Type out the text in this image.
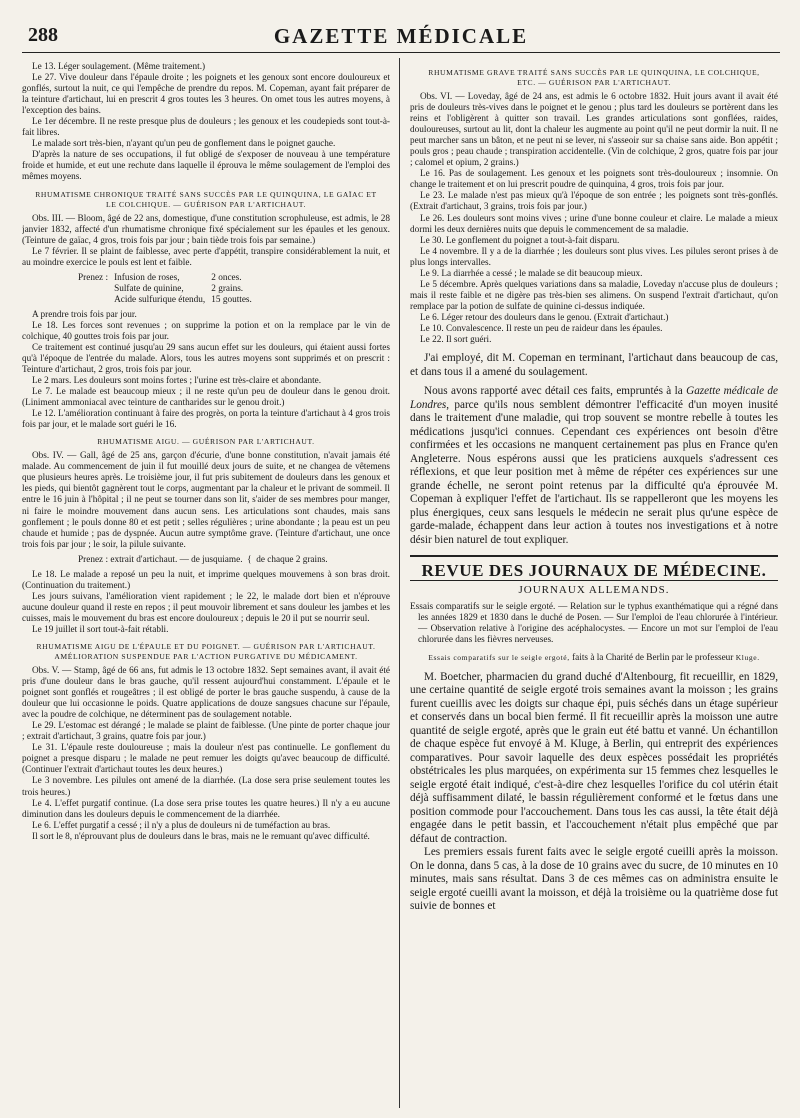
288	GAZETTE MÉDICALE

Le 13. Léger soulagement. (Même traitement.)

Le 27. Vive douleur dans l'épaule droite ; les poignets et les genoux sont encore douloureux et gonflés, surtout la nuit, ce qui l'empêche de prendre du repos. M. Copeman, ayant fait préparer de la teinture d'artichaut, lui en prescrit 4 gros toutes les 3 heures. On omet tous les autres moyens, à l'exception des bains.

Le 1er décembre. Il ne reste presque plus de douleurs ; les genoux et les coudepieds sont tout-à-fait libres.

Le malade sort très-bien, n'ayant qu'un peu de gonflement dans le poignet gauche.

D'après la nature de ses occupations, il fut obligé de s'exposer de nouveau à une température froide et humide, et eut une rechute dans laquelle il éprouva le même soulagement de l'emploi des mêmes moyens.

RHUMATISME CHRONIQUE TRAITÉ SANS SUCCÈS PAR LE QUINQUINA, LE GAÏAC ET LE COLCHIQUE. — GUÉRISON PAR L'ARTICHAUT.

Obs. III. — Bloom, âgé de 22 ans, domestique, d'une constitution scrophuleuse, est admis, le 28 janvier 1832, affecté d'un rhumatisme chronique fixé spécialement sur les épaules et les genoux. (Teinture de gaïac, 4 gros, trois fois par jour ; bain tiède trois fois par semaine.)

Le 7 février. Il se plaint de faiblesse, avec perte d'appétit, transpire considérablement la nuit, et au moindre exercice le pouls est lent et faible.

Prenez :	Infusion de roses,	2 onces.
	Sulfate de quinine,	2 grains.
	Acide sulfurique étendu,	15 gouttes.

A prendre trois fois par jour.

Le 18. Les forces sont revenues ; on supprime la potion et on la remplace par le vin de colchique, 40 gouttes trois fois par jour.

Ce traitement est continué jusqu'au 29 sans aucun effet sur les douleurs, qui étaient aussi fortes qu'à l'époque de l'entrée du malade. Alors, tous les autres moyens sont supprimés et on prescrit : Teinture d'artichaut, 2 gros, trois fois par jour.

Le 2 mars. Les douleurs sont moins fortes ; l'urine est très-claire et abondante.

Le 7. Le malade est beaucoup mieux ; il ne reste qu'un peu de douleur dans le genou droit. (Liniment ammoniacal avec teinture de cantharides sur le genou droit.)

Le 12. L'amélioration continuant à faire des progrès, on porta la teinture d'artichaut à 4 gros trois fois par jour, et le malade sort guéri le 16.

RHUMATISME AIGU. — GUÉRISON PAR L'ARTICHAUT.

Obs. IV. — Gall, âgé de 25 ans, garçon d'écurie, d'une bonne constitution, n'avait jamais été malade. Au commencement de juin il fut mouillé deux jours de suite, et ne changea de vêtemens que plusieurs heures après. Le troisième jour, il fut pris subitement de douleurs dans les genoux et les pieds, qui bientôt gagnèrent tout le corps, augmentant par la chaleur et le privant de sommeil. Il entre le 16 juin à l'hôpital ; il ne peut se tourner dans son lit, s'aider de ses membres pour manger, ni faire le moindre mouvement dans aucun sens. Les articulations sont chaudes, mais sans gonflement ; le pouls donne 80 et est petit ; selles régulières ; urine abondante ; la peau est un peu chaude et humide ; pas de dyspnée. Aucun autre symptôme grave. (Teinture d'artichaut, une once trois fois par jour ; le soir, la pilule suivante.

Prenez : extrait d'artichaut. — de jusquiame.  {  de chaque 2 grains.

Le 18. Le malade a reposé un peu la nuit, et imprime quelques mouvemens à son bras droit. (Continuation du traitement.)

Les jours suivans, l'amélioration vient rapidement ; le 22, le malade dort bien et n'éprouve aucune douleur quand il reste en repos ; il peut mouvoir librement et sans douleur les jambes et les cuisses, mais le mouvement du bras est encore douloureux ; depuis le 20 il put se nourrir seul.

Le 19 juillet il sort tout-à-fait rétabli.

RHUMATISME AIGU DE L'ÉPAULE ET DU POIGNET. — GUÉRISON PAR L'ARTICHAUT. AMÉLIORATION SUSPENDUE PAR L'ACTION PURGATIVE DU MÉDICAMENT.

Obs. V. — Stamp, âgé de 66 ans, fut admis le 13 octobre 1832. Sept semaines avant, il avait été pris d'une douleur dans le bras gauche, qu'il ressent aujourd'hui constamment. L'épaule et le poignet sont gonflés et rougeâtres ; il est obligé de porter le bras gauche suspendu, à cause de la douleur que lui occasionne le poids. Quatre applications de douze sangsues chacune sur l'épaule, avec la poudre de colchique, ne déterminent pas de soulagement notable.

Le 29. L'estomac est dérangé ; le malade se plaint de faiblesse. (Une pinte de porter chaque jour ; extrait d'artichaut, 3 grains, quatre fois par jour.)

Le 31. L'épaule reste douloureuse ; mais la douleur n'est pas continuelle. Le gonflement du poignet a presque disparu ; le malade ne peut remuer les doigts qu'avec beaucoup de difficulté. (Continuer l'extrait d'artichaut toutes les deux heures.)

Le 3 novembre. Les pilules ont amené de la diarrhée. (La dose sera prise seulement toutes les trois heures.)

Le 4. L'effet purgatif continue. (La dose sera prise toutes les quatre heures.) Il n'y a eu aucune diminution dans les douleurs depuis le commencement de la diarrhée.

Le 6. L'effet purgatif a cessé ; il n'y a plus de douleurs ni de tuméfaction au bras.

Il sort le 8, n'éprouvant plus de douleurs dans le bras, mais ne le remuant qu'avec difficulté.

RHUMATISME GRAVE TRAITÉ SANS SUCCÈS PAR LE QUINQUINA, LE COLCHIQUE, ETC. — GUÉRISON PAR L'ARTICHAUT.

Obs. VI. — Loveday, âgé de 24 ans, est admis le 6 octobre 1832. Huit jours avant il avait été pris de douleurs très-vives dans le poignet et le genou ; plus tard les douleurs se portèrent dans les reins et l'obligèrent à quitter son travail. Les grandes articulations sont gonflées, raides, douloureuses, surtout au lit, dont la chaleur les augmente au point qu'il ne peut dormir la nuit. Il ne peut marcher sans un bâton, et ne peut ni se lever, ni s'asseoir sur sa chaise sans aide. Bon appétit ; pouls gros ; peau chaude ; transpiration accidentelle. (Vin de colchique, 2 gros, quatre fois par jour ; calomel et opium, 2 grains.)

Le 16. Pas de soulagement. Les genoux et les poignets sont très-douloureux ; insomnie. On change le traitement et on lui prescrit poudre de quinquina, 4 gros, trois fois par jour.

Le 23. Le malade n'est pas mieux qu'à l'époque de son entrée ; les poignets sont très-gonflés. (Extrait d'artichaut, 3 grains, trois fois par jour.)

Le 26. Les douleurs sont moins vives ; urine d'une bonne couleur et claire. Le malade a mieux dormi les deux dernières nuits que depuis le commencement de sa maladie.

Le 30. Le gonflement du poignet a tout-à-fait disparu.

Le 4 novembre. Il y a de la diarrhée ; les douleurs sont plus vives. Les pilules seront prises à de plus longs intervalles.

Le 9. La diarrhée a cessé ; le malade se dit beaucoup mieux.

Le 5 décembre. Après quelques variations dans sa maladie, Loveday n'accuse plus de douleurs ; mais il reste faible et ne digère pas très-bien ses alimens. On suspend l'extrait d'artichaut, qu'on remplace par la potion de sulfate de quinine ci-dessus indiquée.

Le 6. Léger retour des douleurs dans le genou. (Extrait d'artichaut.)

Le 10. Convalescence. Il reste un peu de raideur dans les épaules.

Le 22. Il sort guéri.

J'ai employé, dit M. Copeman en terminant, l'artichaut dans beaucoup de cas, et dans tous il a amené du soulagement.

Nous avons rapporté avec détail ces faits, empruntés à la Gazette médicale de Londres, parce qu'ils nous semblent démontrer l'efficacité d'un moyen inusité dans le traitement d'une maladie, qui trop souvent se montre rebelle à toutes les médications jusqu'ici connues. Cependant ces expériences ont besoin d'être confirmées et les occasions ne manquent certainement pas plus en France qu'en Angleterre. Nous espérons aussi que les praticiens auxquels s'adressent ces réflexions, et que leur position met à même de répéter ces expériences sur une grande échelle, ne seront point retenus par la difficulté qu'a éprouvée M. Copeman à expliquer l'effet de l'artichaut. Ils se rappelleront que les moyens les plus énergiques, ceux sans lesquels le médecin ne serait plus qu'une espèce de garde-malade, échappent dans leur action à toutes nos investigations et à notre désir bien naturel de tout expliquer.

REVUE DES JOURNAUX DE MÉDECINE.
JOURNAUX ALLEMANDS.
Essais comparatifs sur le seigle ergoté. — Relation sur le typhus exanthématique qui a régné dans les années 1829 et 1830 dans le duché de Posen. — Sur l'emploi de l'eau chlorurée à l'intérieur. — Observation relative à l'origine des acéphalocystes. — Encore un mot sur l'emploi de l'eau chlorurée dans les fièvres nerveuses.
Essais comparatifs sur le seigle ergoté, faits à la Charité de Berlin par le professeur Kluge.

M. Boetcher, pharmacien du grand duché d'Altenbourg, fit recueillir, en 1829, une certaine quantité de seigle ergoté trois semaines avant la moisson ; les grains furent cueillis avec les doigts sur chaque épi, puis séchés dans un étage supérieur et conservés dans un bocal bien fermé. Il fit recueillir après la moisson une autre quantité de seigle ergoté, après que le grain eut été battu et vanné. Un échantillon de chaque espèce fut envoyé à M. Kluge, à Berlin, qui entreprit des expériences comparatives. Pour savoir laquelle des deux espèces possédait les propriétés obstétricales les plus marquées, on expérimenta sur 15 femmes chez lesquelles le seigle ergoté était indiqué, c'est-à-dire chez lesquelles l'orifice du col utérin était déjà suffisamment dilaté, le bassin régulièrement conformé et le fœtus dans une position commode pour l'accouchement. Dans tous les cas aussi, la tête était déjà engagée dans le petit bassin, et l'accouchement n'était plus empêché que par défaut de contraction.

Les premiers essais furent faits avec le seigle ergoté cueilli après la moisson. On le donna, dans 5 cas, à la dose de 10 grains avec du sucre, de 10 minutes en 10 minutes, mais sans résultat. Dans 3 de ces mêmes cas on administra ensuite le seigle ergoté cueilli avant la moisson, et déjà la troisième ou la quatrième dose fut suivie de bonnes et
